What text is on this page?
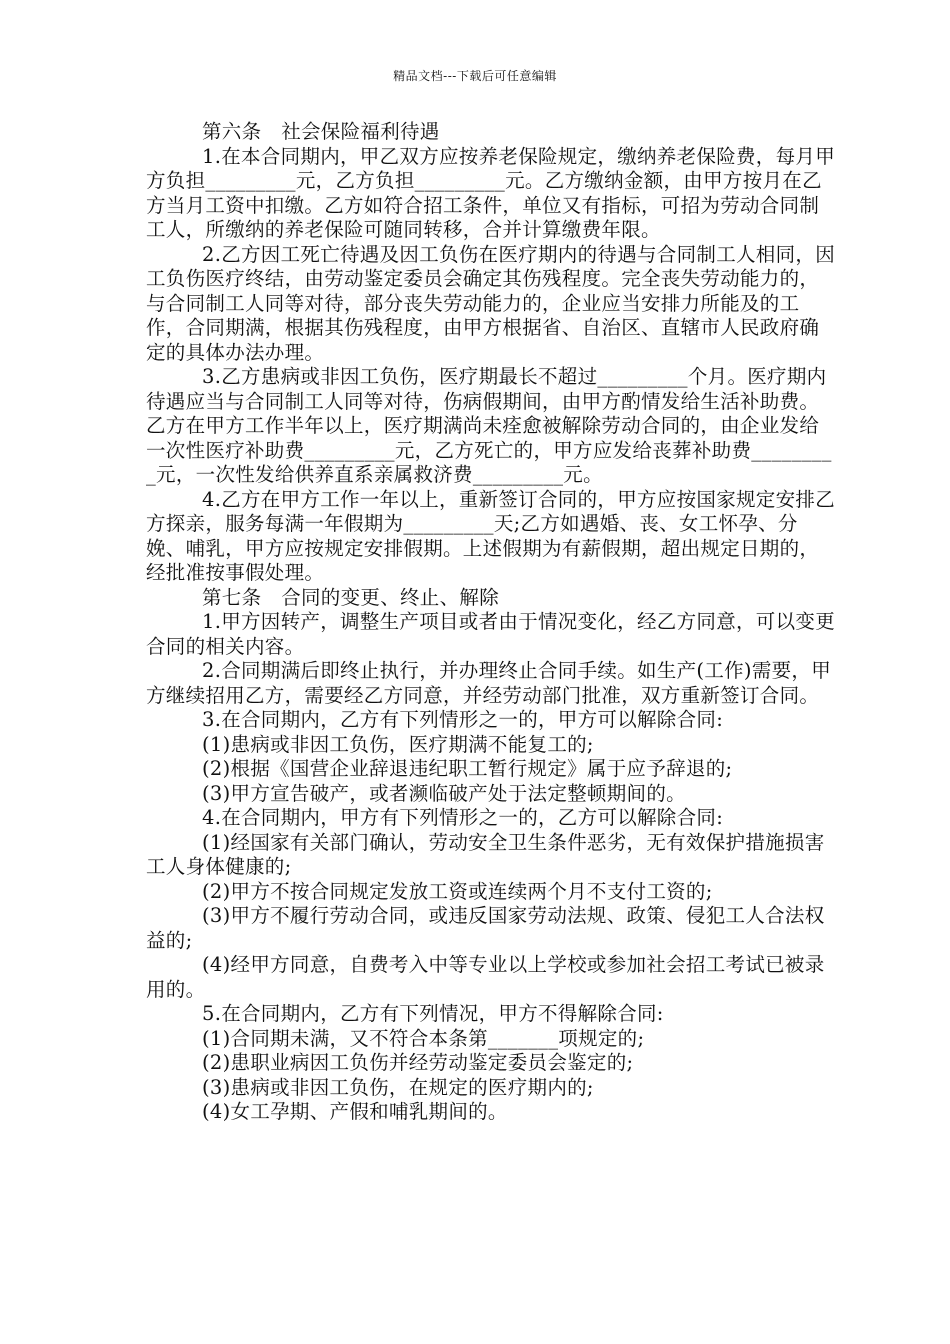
精品文档---下载后可任意编辑

第六条　社会保险福利待遇

1.在本合同期内，甲乙双方应按养老保险规定，缴纳养老保险费，每月甲方负担_________元，乙方负担_________元。乙方缴纳金额，由甲方按月在乙方当月工资中扣缴。乙方如符合招工条件，单位又有指标，可招为劳动合同制工人，所缴纳的养老保险可随同转移，合并计算缴费年限。

2.乙方因工死亡待遇及因工负伤在医疗期内的待遇与合同制工人相同，因工负伤医疗终结，由劳动鉴定委员会确定其伤残程度。完全丧失劳动能力的，与合同制工人同等对待，部分丧失劳动能力的，企业应当安排力所能及的工作，合同期满，根据其伤残程度，由甲方根据省、自治区、直辖市人民政府确定的具体办法办理。

3.乙方患病或非因工负伤，医疗期最长不超过_________个月。医疗期内待遇应当与合同制工人同等对待，伤病假期间，由甲方酌情发给生活补助费。乙方在甲方工作半年以上，医疗期满尚未痊愈被解除劳动合同的，由企业发给一次性医疗补助费_________元，乙方死亡的，甲方应发给丧葬补助费_________元，一次性发给供养直系亲属救济费_________元。

4.乙方在甲方工作一年以上，重新签订合同的，甲方应按国家规定安排乙方探亲，服务每满一年假期为_________天;乙方如遇婚、丧、女工怀孕、分娩、哺乳，甲方应按规定安排假期。上述假期为有薪假期，超出规定日期的，经批准按事假处理。

第七条　合同的变更、终止、解除

1.甲方因转产，调整生产项目或者由于情况变化，经乙方同意，可以变更合同的相关内容。

2.合同期满后即终止执行，并办理终止合同手续。如生产(工作)需要，甲方继续招用乙方，需要经乙方同意，并经劳动部门批准，双方重新签订合同。

3.在合同期内，乙方有下列情形之一的，甲方可以解除合同:

(1)患病或非因工负伤，医疗期满不能复工的;

(2)根据《国营企业辞退违纪职工暂行规定》属于应予辞退的;

(3)甲方宣告破产，或者濒临破产处于法定整顿期间的。

4.在合同期内，甲方有下列情形之一的，乙方可以解除合同:

(1)经国家有关部门确认，劳动安全卫生条件恶劣，无有效保护措施损害工人身体健康的;

(2)甲方不按合同规定发放工资或连续两个月不支付工资的;

(3)甲方不履行劳动合同，或违反国家劳动法规、政策、侵犯工人合法权益的;

(4)经甲方同意，自费考入中等专业以上学校或参加社会招工考试已被录用的。

5.在合同期内，乙方有下列情况，甲方不得解除合同:

(1)合同期未满，又不符合本条第_______项规定的;

(2)患职业病因工负伤并经劳动鉴定委员会鉴定的;

(3)患病或非因工负伤，在规定的医疗期内的;

(4)女工孕期、产假和哺乳期间的。
